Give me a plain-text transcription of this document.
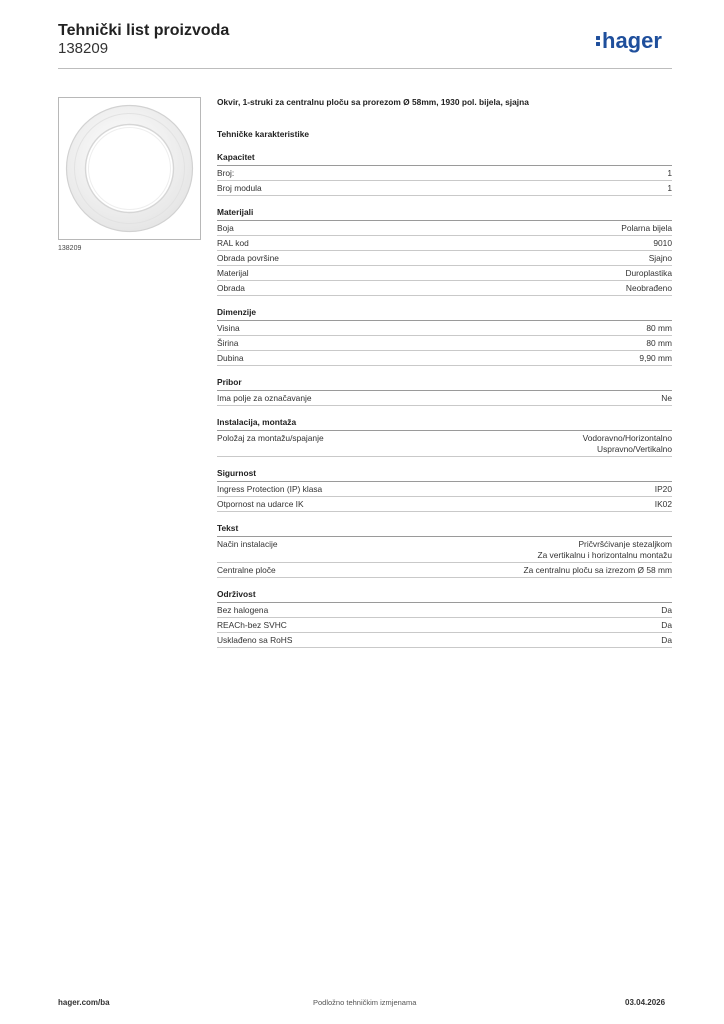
Tehnički list proizvoda
138209	hager
138209
Okvir, 1-struki za centralnu ploču sa prorezom Ø 58mm, 1930 pol. bijela, sjajna
Tehničke karakteristike
Kapacitet
Broj:	1
Broj modula	1
Materijali
Boja	Polarna bijela
RAL kod	9010
Obrada površine	Sjajno
Materijal	Duroplastika
Obrada	Neobrađeno
Dimenzije
Visina	80 mm
Širina	80 mm
Dubina	9,90 mm
Pribor
Ima polje za označavanje	Ne
Instalacija, montaža
Položaj za montažu/spajanje	Vodoravno/Horizontalno
Uspravno/Vertikalno
Sigurnost
Ingress Protection (IP) klasa	IP20
Otpornost na udarce IK	IK02
Tekst
Način instalacije	Pričvršćivanje stezaljkom
Za vertikalnu i horizontalnu montažu
Centralne ploče	Za centralnu ploču sa izrezom Ø 58 mm
Održivost
Bez halogena	Da
REACh-bez SVHC	Da
Usklađeno sa RoHS	Da
hager.com/ba	Podložno tehničkim izmjenama	03.04.2026
